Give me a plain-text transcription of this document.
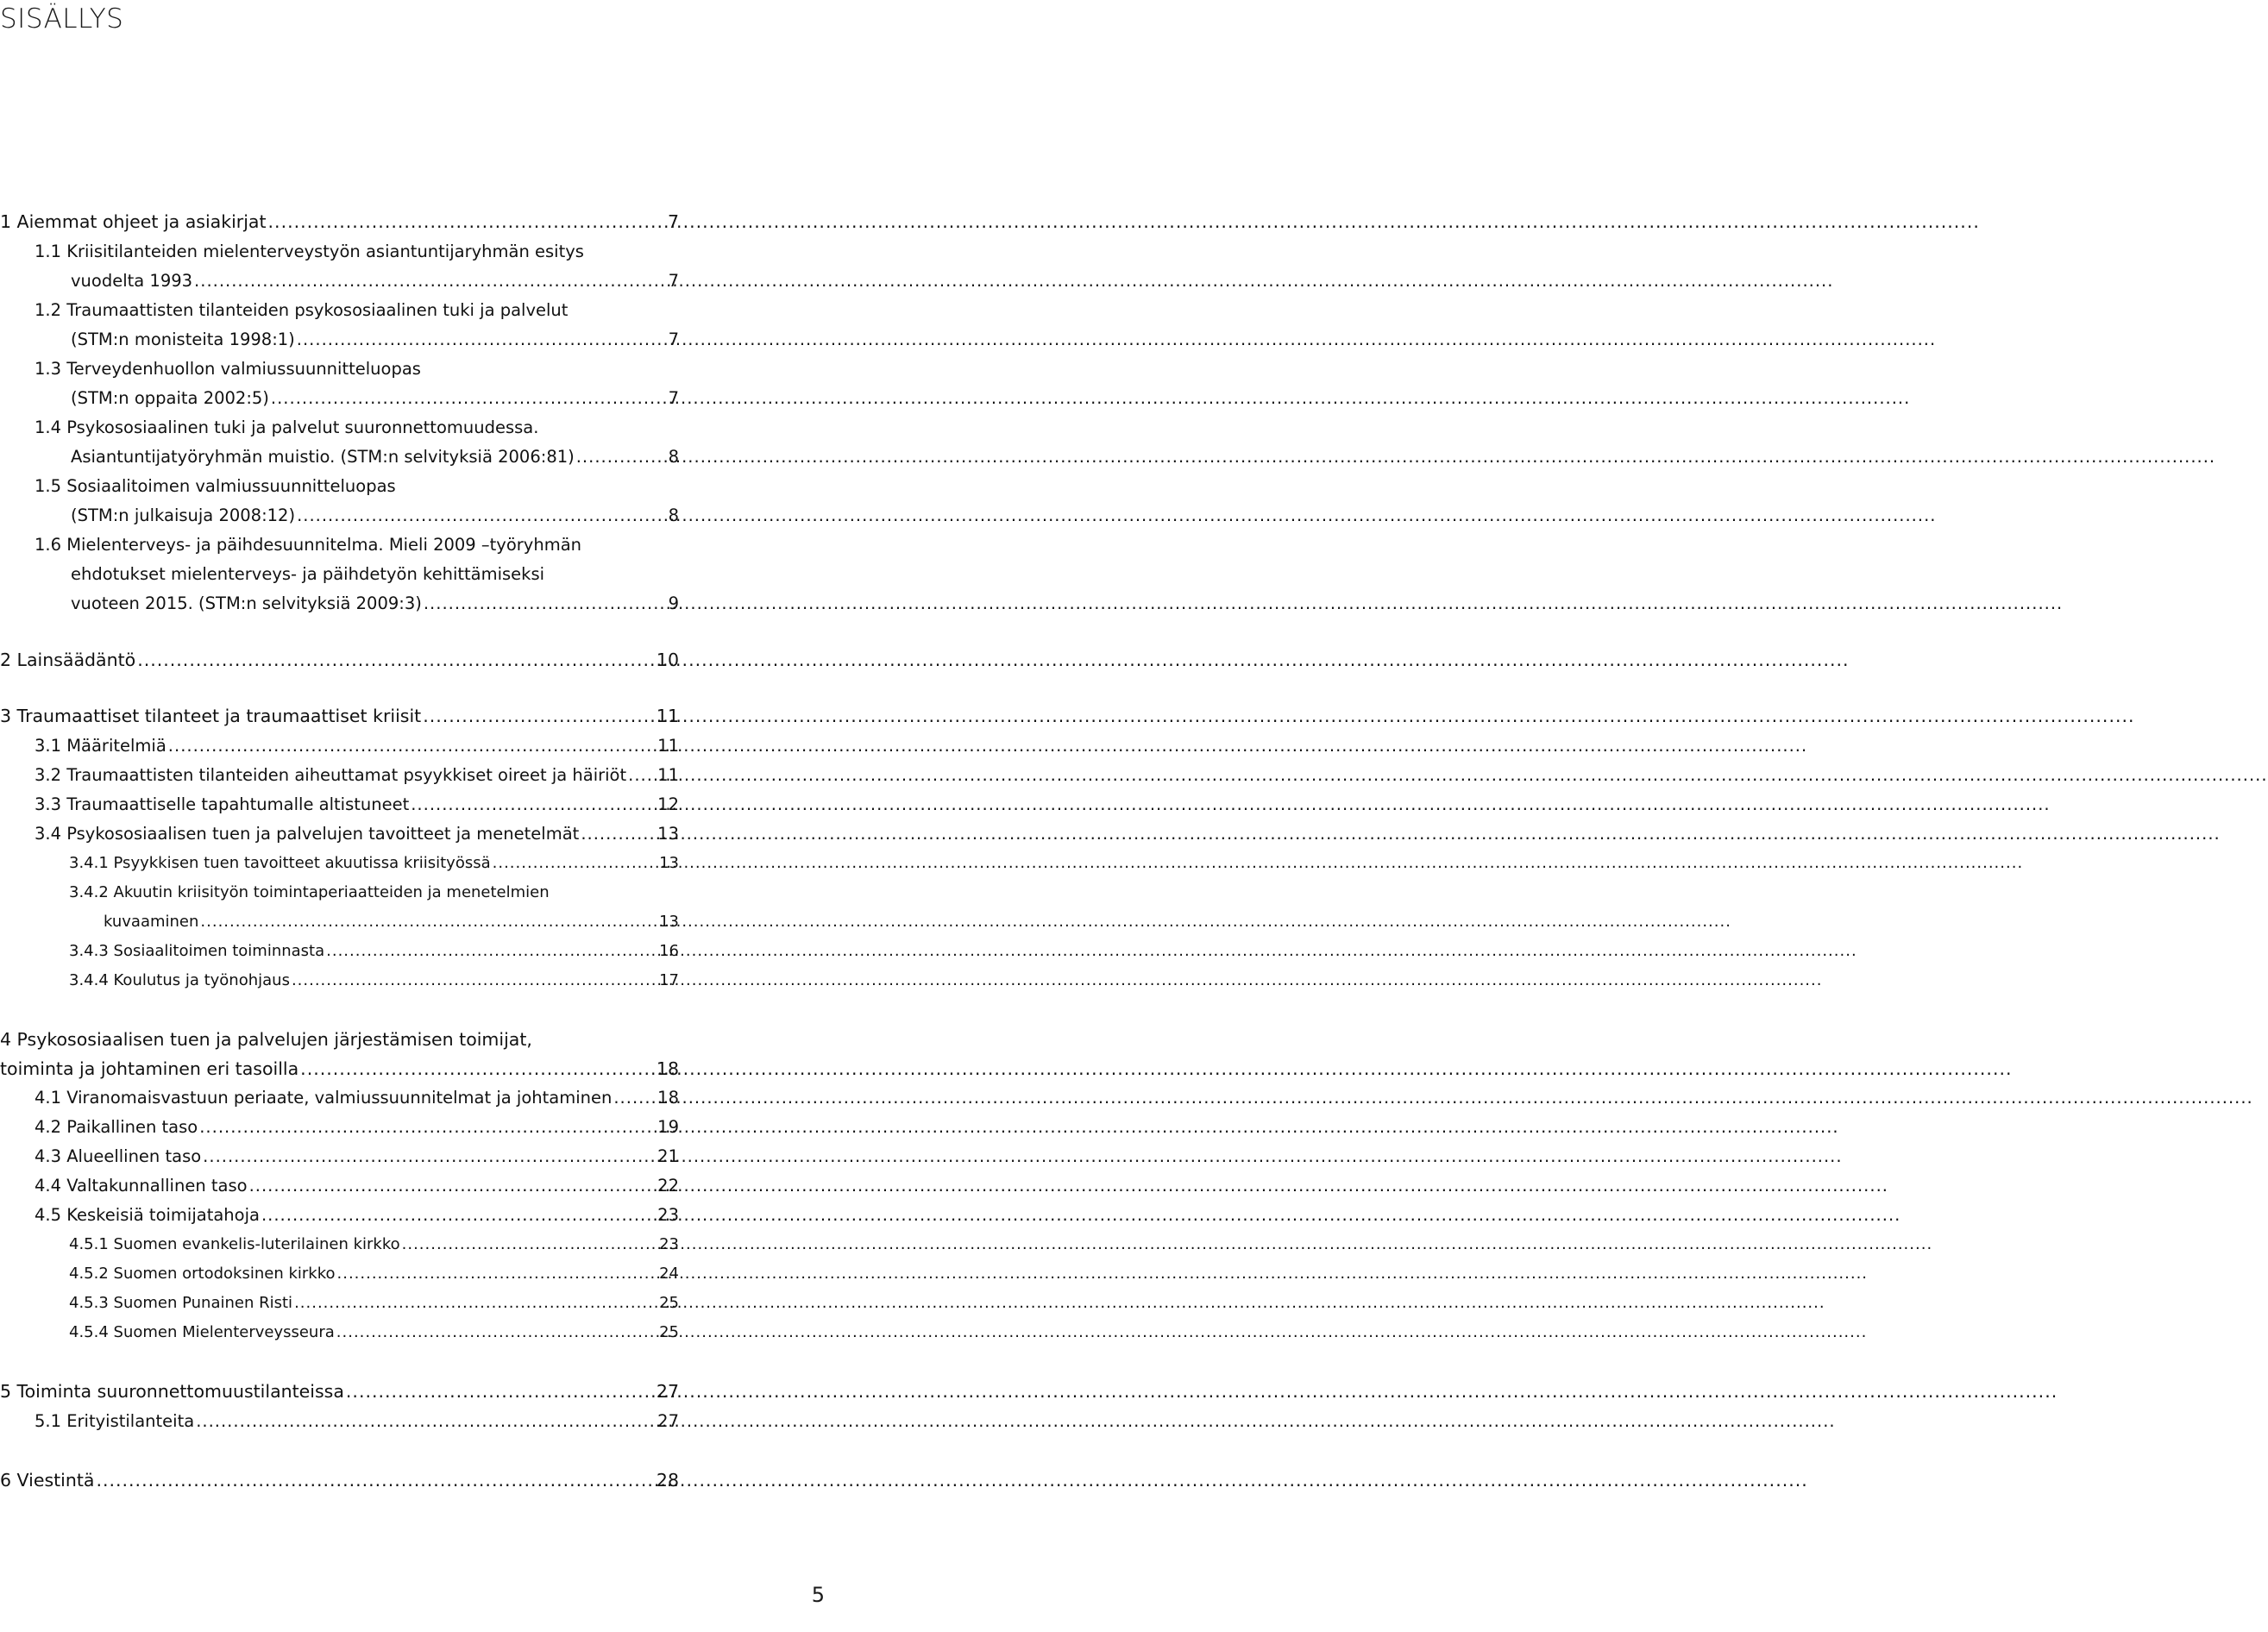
SISÄLLYS
1 Aiemmat ohjeet ja asiakirjat .....	7
1.1 Kriisitilanteiden mielenterveystyön asiantuntijaryhmän esitys
vuodelta 1993 .....	7
1.2 Traumaattisten tilanteiden psykososiaalinen tuki ja palvelut
(STM:n monisteita 1998:1) .....	7
1.3 Terveydenhuollon valmiussuunnitteluopas
(STM:n oppaita 2002:5) .....	7
1.4 Psykososiaalinen tuki ja palvelut suuronnettomuudessa.
Asiantuntijatyöryhmän muistio. (STM:n selvityksiä 2006:81) .....	8
1.5 Sosiaalitoimen valmiussuunnitteluopas
(STM:n julkaisuja 2008:12) .....	8
1.6 Mielenterveys- ja päihdesuunnitelma. Mieli 2009 –työryhmän
ehdotukset mielenterveys- ja päihdetyön kehittämiseksi
vuoteen 2015. (STM:n selvityksiä 2009:3) .....	9
2 Lainsäädäntö .....	10
3 Traumaattiset tilanteet ja traumaattiset kriisit .....	11
3.1 Määritelmiä .....	11
3.2 Traumaattisten tilanteiden aiheuttamat psyykkiset oireet ja häiriöt ..... 11
3.3 Traumaattiselle tapahtumalle altistuneet .....	12
3.4 Psykososiaalisen tuen ja palvelujen tavoitteet ja menetelmät .....	13
3.4.1 Psyykkisen tuen tavoitteet akuutissa kriisityössä .....	13
3.4.2 Akuutin kriisityön toimintaperiaatteiden ja menetelmien
kuvaaminen .....	13
3.4.3 Sosiaalitoimen toiminnasta .....	16
3.4.4 Koulutus ja työnohjaus .....	17
4 Psykososiaalisen tuen ja palvelujen järjestämisen toimijat,
toiminta ja johtaminen eri tasoilla .....	18
4.1 Viranomaisvastuun periaate, valmiussuunnitelmat ja johtaminen .....	18
4.2 Paikallinen taso .....	19
4.3 Alueellinen taso .....	21
4.4 Valtakunnallinen taso .....	22
4.5 Keskeisiä toimijatahoja .....	23
4.5.1 Suomen evankelis-luterilainen kirkko .....	23
4.5.2 Suomen ortodoksinen kirkko .....	24
4.5.3 Suomen Punainen Risti .....	25
4.5.4 Suomen Mielenterveysseura .....	25
5 Toiminta suuronnettomuustilanteissa .....	27
5.1 Erityistilanteita .....	27
6 Viestintä .....	28
5
